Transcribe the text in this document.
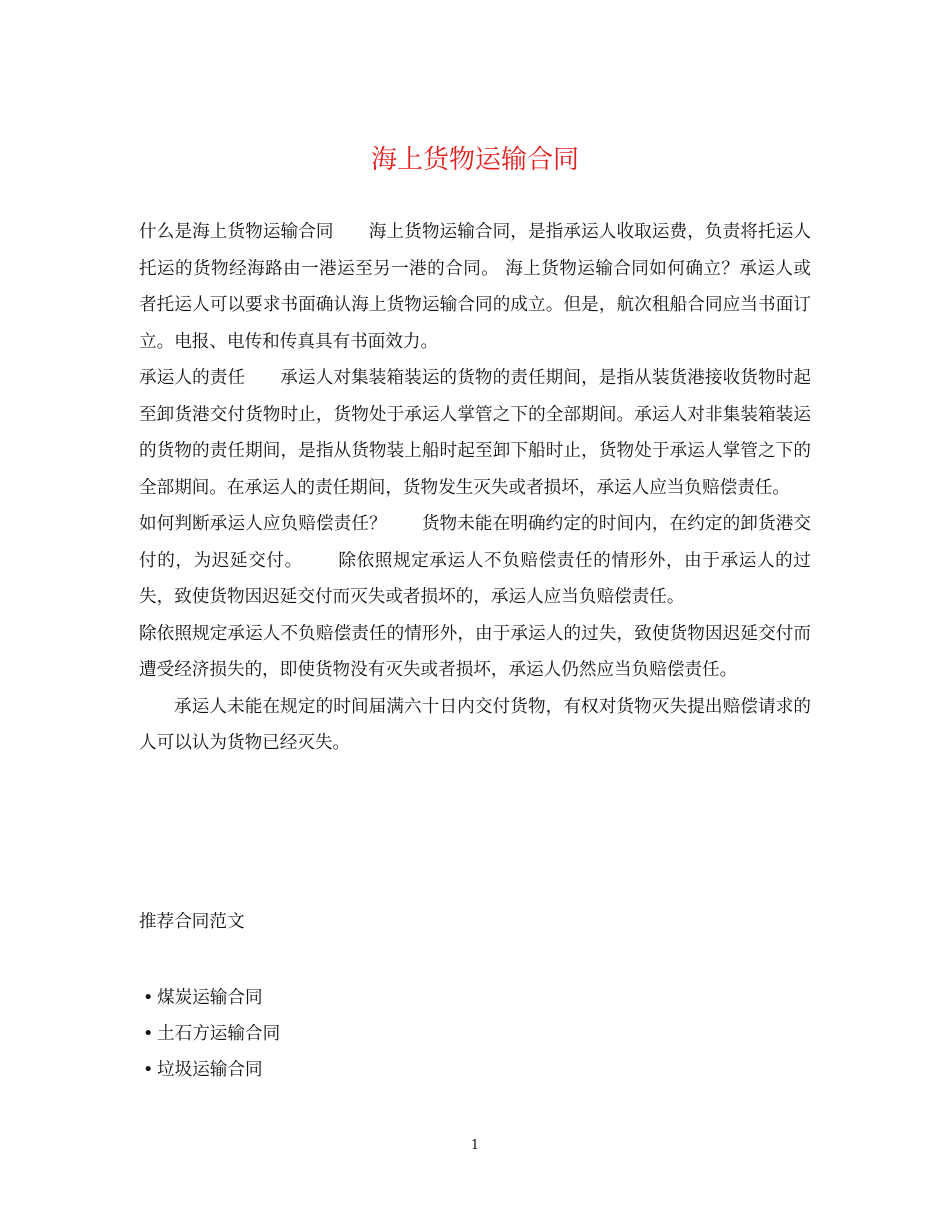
海上货物运输合同

什么是海上货物运输合同 海上货物运输合同，是指承运人收取运费，负责将托运人托运的货物经海路由一港运至另一港的合同。 海上货物运输合同如何确立？承运人或者托运人可以要求书面确认海上货物运输合同的成立。但是，航次租船合同应当书面订立。电报、电传和传真具有书面效力。

承运人的责任 承运人对集装箱装运的货物的责任期间，是指从装货港接收货物时起至卸货港交付货物时止，货物处于承运人掌管之下的全部期间。承运人对非集装箱装运的货物的责任期间，是指从货物装上船时起至卸下船时止，货物处于承运人掌管之下的全部期间。在承运人的责任期间，货物发生灭失或者损坏，承运人应当负赔偿责任。

如何判断承运人应负赔偿责任？ 货物未能在明确约定的时间内，在约定的卸货港交付的，为迟延交付。 除依照规定承运人不负赔偿责任的情形外，由于承运人的过失，致使货物因迟延交付而灭失或者损坏的，承运人应当负赔偿责任。

除依照规定承运人不负赔偿责任的情形外，由于承运人的过失，致使货物因迟延交付而遭受经济损失的，即使货物没有灭失或者损坏，承运人仍然应当负赔偿责任。

承运人未能在规定的时间届满六十日内交付货物，有权对货物灭失提出赔偿请求的人可以认为货物已经灭失。

推荐合同范文
• 煤炭运输合同
• 土石方运输合同
• 垃圾运输合同
1
